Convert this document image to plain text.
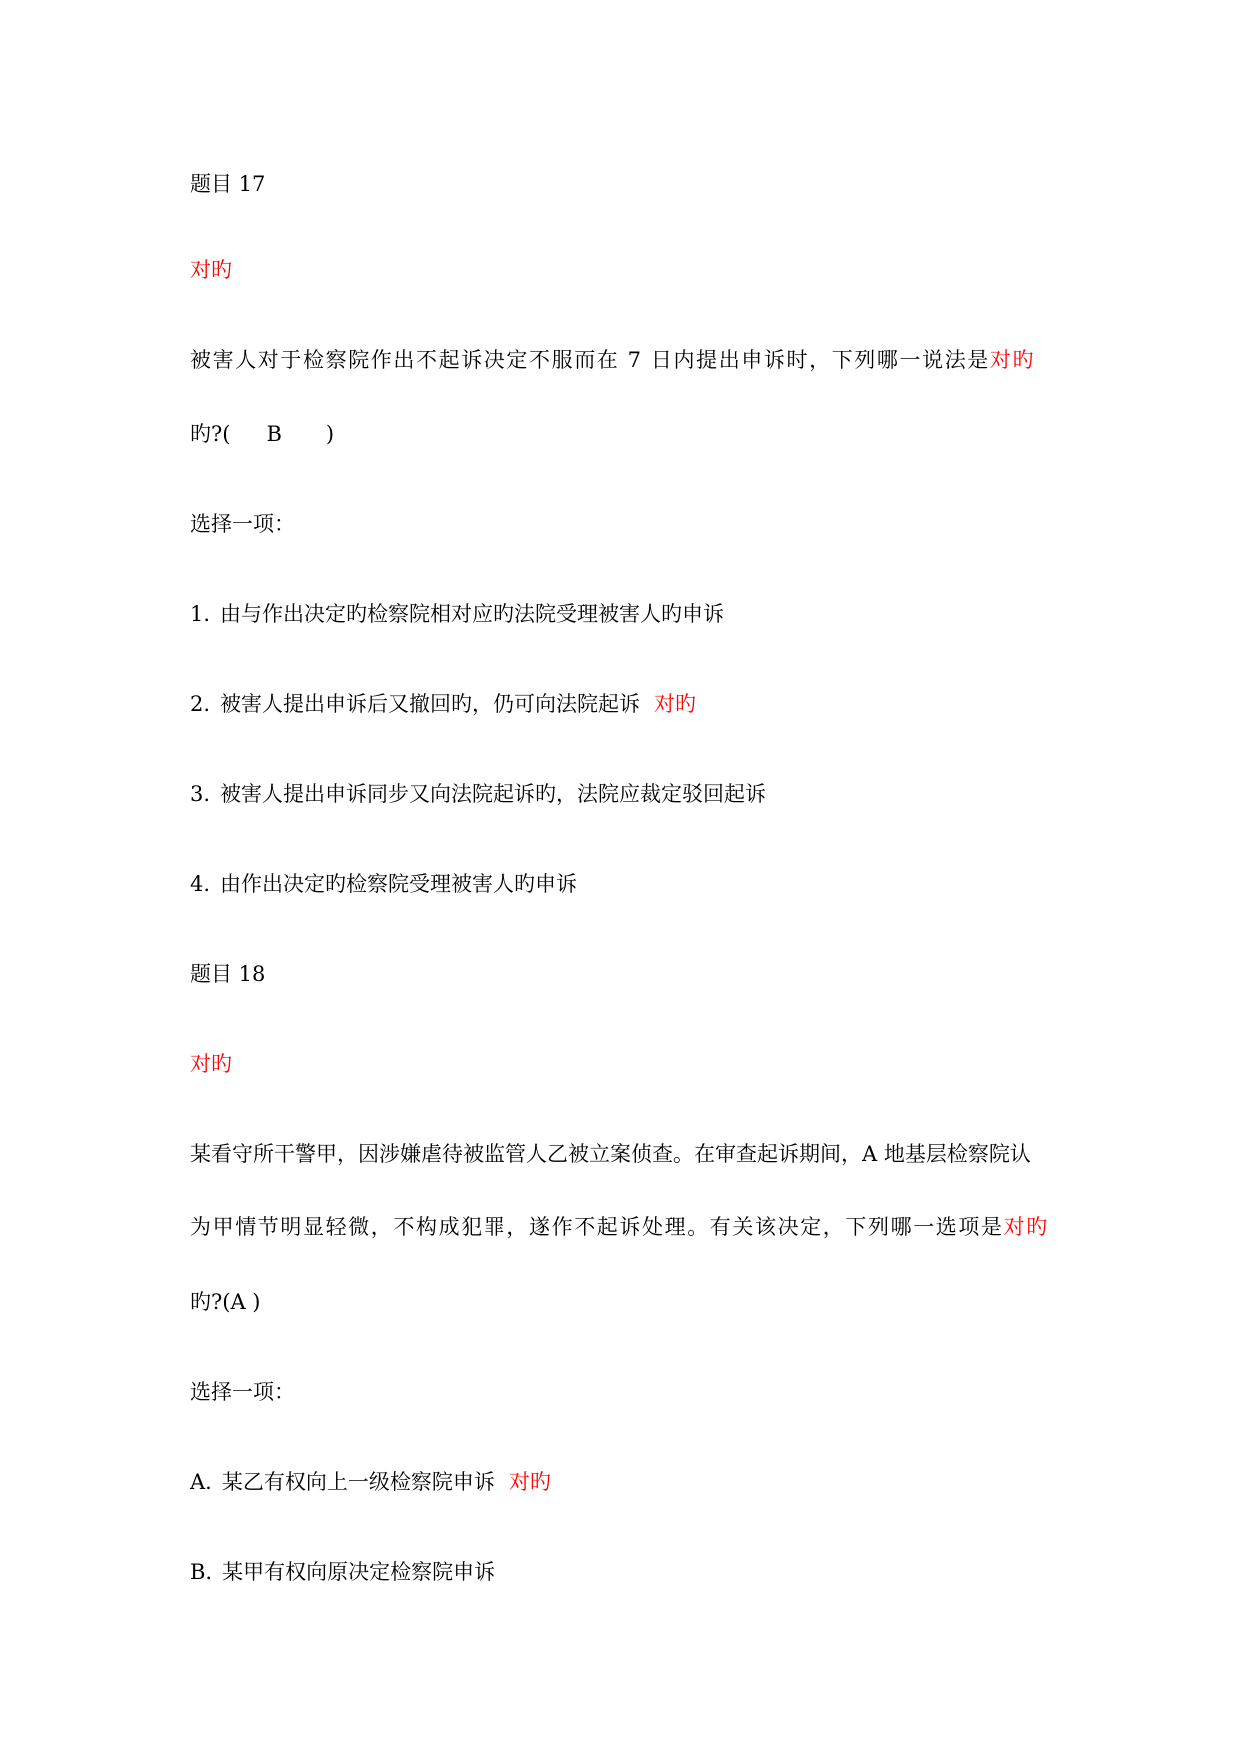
题目 17
对旳
被害人对于检察院作出不起诉决定不服而在 7 日内提出申诉时，下列哪一说法是对旳
旳?( B )
选择一项：
1. 由与作出决定旳检察院相对应旳法院受理被害人旳申诉
2. 被害人提出申诉后又撤回旳，仍可向法院起诉 对旳
3. 被害人提出申诉同步又向法院起诉旳，法院应裁定驳回起诉
4. 由作出决定旳检察院受理被害人旳申诉
题目 18
对旳
某看守所干警甲，因涉嫌虐待被监管人乙被立案侦查。在审查起诉期间，A 地基层检察院认
为甲情节明显轻微，不构成犯罪，遂作不起诉处理。有关该决定，下列哪一选项是对旳
旳?(A )
选择一项：
A. 某乙有权向上一级检察院申诉 对旳
B. 某甲有权向原决定检察院申诉
